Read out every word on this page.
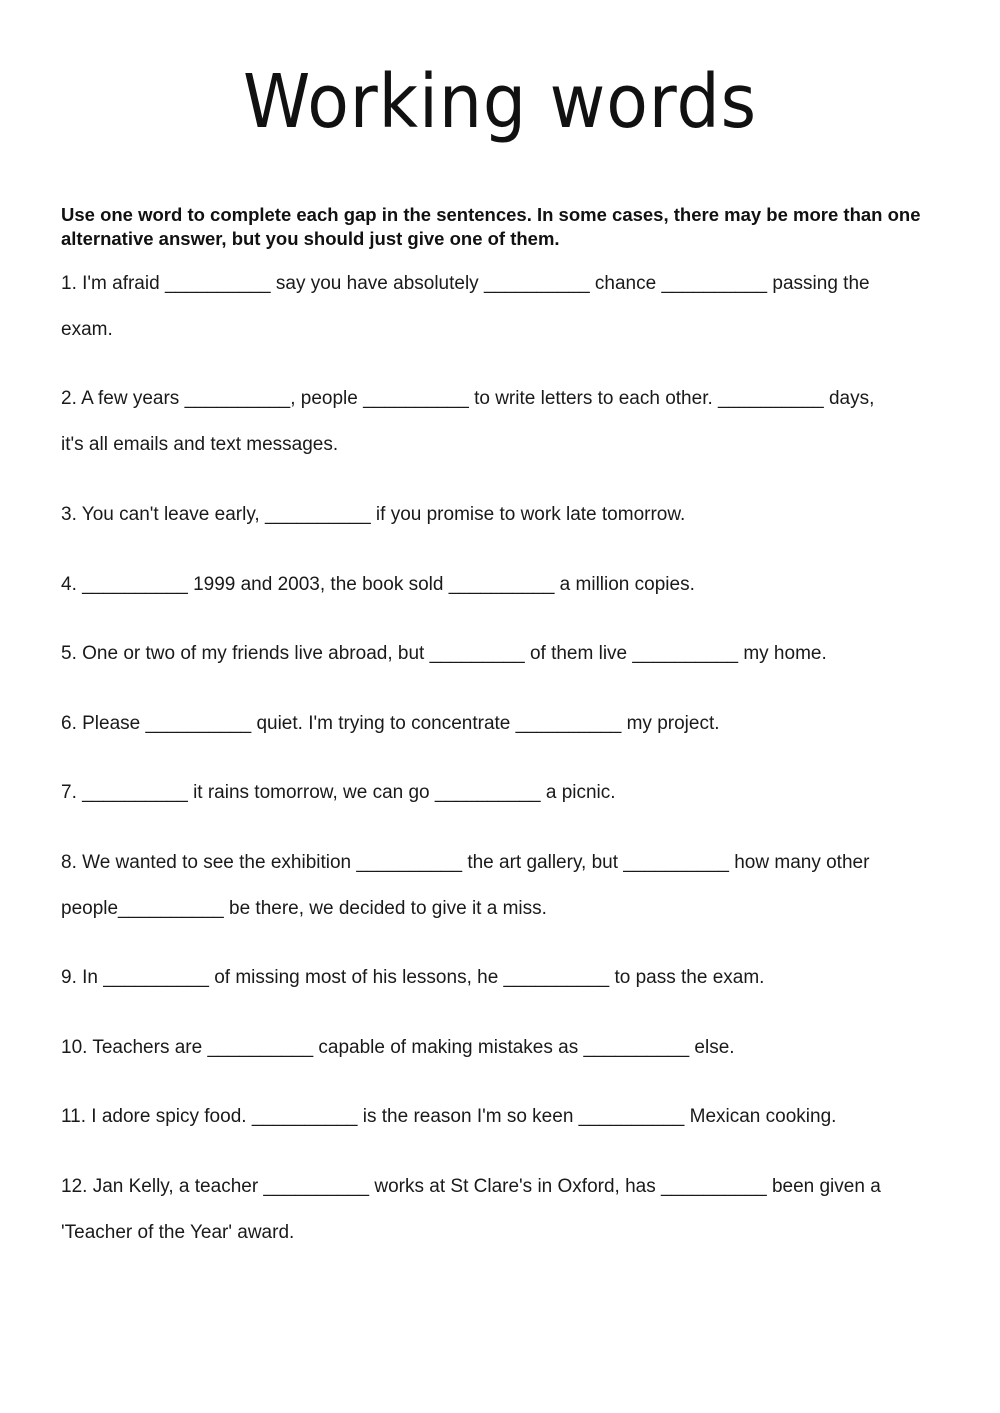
Working words
Use one word to complete each gap in the sentences. In some cases, there may be more than one alternative answer, but you should just give one of them.
1. I'm afraid __________ say you have absolutely __________ chance __________ passing the
exam.
2. A few years __________, people __________ to write letters to each other. __________ days,
it's all emails and text messages.
3. You can't leave early, __________ if you promise to work late tomorrow.
4. __________ 1999 and 2003, the book sold __________ a million copies.
5. One or two of my friends live abroad, but _________ of them live __________ my home.
6. Please __________ quiet. I'm trying to concentrate __________ my project.
7. __________ it rains tomorrow, we can go __________ a picnic.
8. We wanted to see the exhibition __________ the art gallery, but __________ how many other
people__________ be there, we decided to give it a miss.
9. In __________ of missing most of his lessons, he __________ to pass the exam.
10. Teachers are __________ capable of making mistakes as __________ else.
11. I adore spicy food. __________ is the reason I'm so keen __________ Mexican cooking.
12. Jan Kelly, a teacher __________ works at St Clare's in Oxford, has __________ been given a
'Teacher of the Year' award.
